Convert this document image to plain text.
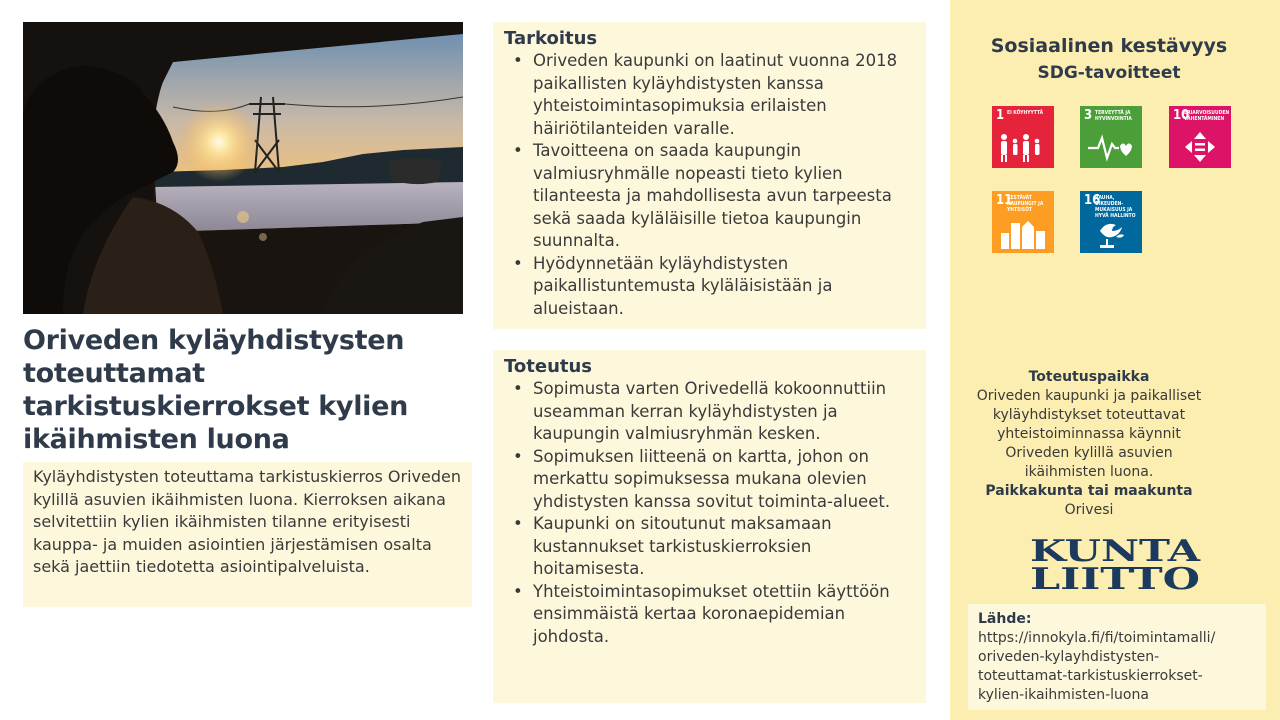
Oriveden kyläyhdistysten toteuttamat tarkistuskierrokset kylien ikäihmisten luona
Kyläyhdistysten toteuttama tarkistuskierros Oriveden kylillä asuvien ikäihmisten luona. Kierroksen aikana selvitettiin kylien ikäihmisten tilanne erityisesti kauppa- ja muiden asiointien järjestämisen osalta sekä jaettiin tiedotetta asiointipalveluista.
Tarkoitus
• Oriveden kaupunki on laatinut vuonna 2018 paikallisten kyläyhdistysten kanssa yhteistoimintasopimuksia erilaisten häiriötilanteiden varalle.
• Tavoitteena on saada kaupungin valmiusryhmälle nopeasti tieto kylien tilanteesta ja mahdollisesta avun tarpeesta sekä saada kyläläisille tietoa kaupungin suunnalta.
• Hyödynnetään kyläyhdistysten paikallistuntemusta kyläläisistään ja alueistaan.
Toteutus
• Sopimusta varten Orivedellä kokoonnuttiin useamman kerran kyläyhdistysten ja kaupungin valmiusryhmän kesken.
• Sopimuksen liitteenä on kartta, johon on merkattu sopimuksessa mukana olevien yhdistysten kanssa sovitut toiminta-alueet.
• Kaupunki on sitoutunut maksamaan kustannukset tarkistuskierroksien hoitamisesta.
• Yhteistoimintasopimukset otettiin käyttöön ensimmäistä kertaa koronaepidemian johdosta.
Sosiaalinen kestävyys
SDG-tavoitteet
1 EI KÖYHYYTTÄ	3 TERVEYTTÄ JA HYVINVOINTIA	10
ERIARVOISUUDEN VÄHENTÄMINEN
11
KESTÄVÄT KAUPUNGIT JA YHTEISÖT
16
RAUHA, OIKEUDEN-MUKAISUUS JA HYVÄ HALLINTO
Toteutuspaikka
Oriveden kaupunki ja paikalliset kyläyhdistykset toteuttavat yhteistoiminnassa käynnit Oriveden kylillä asuvien ikäihmisten luona.
Paikkakunta tai maakunta
Orivesi
KUNTA
LIITTO
Lähde:
https://innokyla.fi/fi/toimintamalli/
oriveden-kylayhdistysten-
toteuttamat-tarkistuskierrokset-
kylien-ikaihmisten-luona
